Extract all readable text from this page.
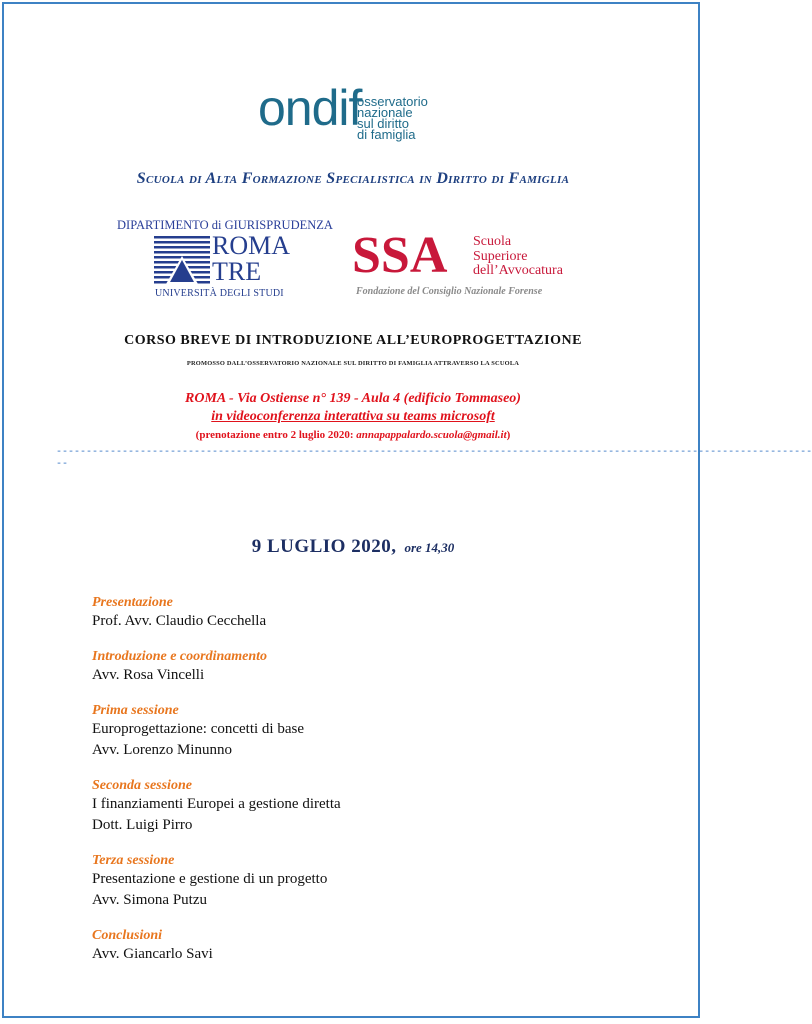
ondif
osservatorio
nazionale
sul diritto
di famiglia
Scuola di Alta Formazione Specialistica in Diritto di Famiglia
DIPARTIMENTO di GIURISPRUDENZA
ROMA
TRE
UNIVERSITÀ DEGLI STUDI
SSA Scuola
Superiore
dell’Avvocatura
Fondazione del Consiglio Nazionale Forense
CORSO BREVE DI INTRODUZIONE ALL’EUROPROGETTAZIONE
PROMOSSO DALL’OSSERVATORIO NAZIONALE SUL DIRITTO DI FAMIGLIA ATTRAVERSO LA SCUOLA
ROMA - Via Ostiense n° 139 - Aula 4 (edificio Tommaseo)
in videoconferenza interattiva su teams microsoft
(prenotazione entro 2 luglio 2020: annapappalardo.scuola@gmail.it)
------------------------------------------------------------------------------------------------------------------------------
--
9 LUGLIO 2020, ore 14,30
Presentazione
Prof. Avv. Claudio Cecchella
Introduzione e coordinamento
Avv. Rosa Vincelli
Prima sessione
Europrogettazione: concetti di base
Avv. Lorenzo Minunno
Seconda sessione
I finanziamenti Europei a gestione diretta
Dott. Luigi Pirro
Terza sessione
Presentazione e gestione di un progetto
Avv. Simona Putzu
Conclusioni
Avv. Giancarlo Savi
